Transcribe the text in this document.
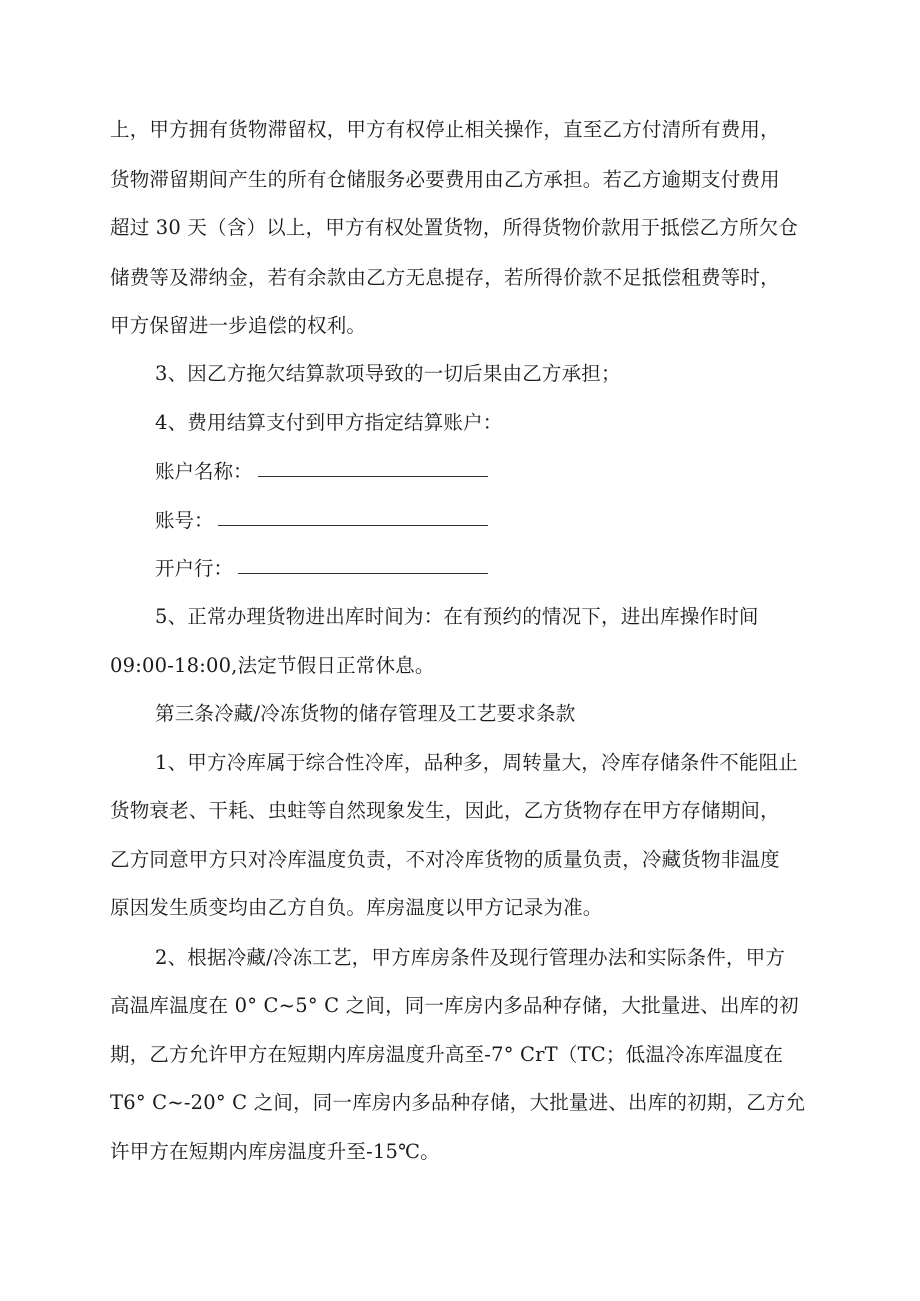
上，甲方拥有货物滞留权，甲方有权停止相关操作，直至乙方付清所有费用，
货物滞留期间产生的所有仓储服务必要费用由乙方承担。若乙方逾期支付费用
超过 30 天（含）以上，甲方有权处置货物，所得货物价款用于抵偿乙方所欠仓
储费等及滞纳金，若有余款由乙方无息提存，若所得价款不足抵偿租费等时，
甲方保留进一步追偿的权利。
3、因乙方拖欠结算款项导致的一切后果由乙方承担；
4、费用结算支付到甲方指定结算账户：
账户名称：
账号：
开户行：
5、正常办理货物进出库时间为：在有预约的情况下，进出库操作时间
09:00-18:00,法定节假日正常休息。
第三条冷藏/冷冻货物的储存管理及工艺要求条款
1、甲方冷库属于综合性冷库，品种多，周转量大，冷库存储条件不能阻止
货物衰老、干耗、虫蛀等自然现象发生，因此，乙方货物存在甲方存储期间，
乙方同意甲方只对冷库温度负责，不对冷库货物的质量负责，冷藏货物非温度
原因发生质变均由乙方自负。库房温度以甲方记录为准。
2、根据冷藏/冷冻工艺，甲方库房条件及现行管理办法和实际条件，甲方
高温库温度在 0° C~5° C 之间，同一库房内多品种存储，大批量进、出库的初
期，乙方允许甲方在短期内库房温度升高至-7° CrT（TC；低温冷冻库温度在
T6° C~-20° C 之间，同一库房内多品种存储，大批量进、出库的初期，乙方允
许甲方在短期内库房温度升至-15℃。
